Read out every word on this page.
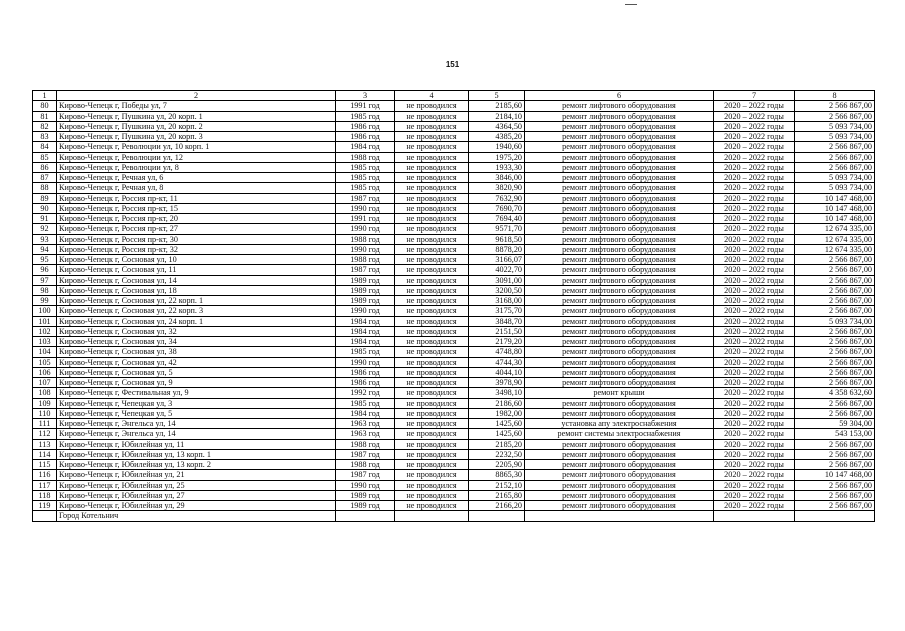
151
1	2	3	4	5	6	7	8
80	Кирово-Чепецк г, Победы ул, 7	1991 год	не проводился	2185,60	ремонт лифтового оборудования	2020 – 2022 годы	2 566 867,00
81	Кирово-Чепецк г, Пушкина ул, 20 корп. 1	1985 год	не проводился	2184,10	ремонт лифтового оборудования	2020 – 2022 годы	2 566 867,00
82	Кирово-Чепецк г, Пушкина ул, 20 корп. 2	1986 год	не проводился	4364,50	ремонт лифтового оборудования	2020 – 2022 годы	5 093 734,00
83	Кирово-Чепецк г, Пушкина ул, 20 корп. 3	1986 год	не проводился	4385,20	ремонт лифтового оборудования	2020 – 2022 годы	5 093 734,00
84	Кирово-Чепецк г, Революции ул, 10 корп. 1	1984 год	не проводился	1940,60	ремонт лифтового оборудования	2020 – 2022 годы	2 566 867,00
85	Кирово-Чепецк г, Революции ул, 12	1988 год	не проводился	1975,20	ремонт лифтового оборудования	2020 – 2022 годы	2 566 867,00
86	Кирово-Чепецк г, Революции ул, 8	1985 год	не проводился	1933,30	ремонт лифтового оборудования	2020 – 2022 годы	2 566 867,00
87	Кирово-Чепецк г, Речная ул, 6	1985 год	не проводился	3846,00	ремонт лифтового оборудования	2020 – 2022 годы	5 093 734,00
88	Кирово-Чепецк г, Речная ул, 8	1985 год	не проводился	3820,90	ремонт лифтового оборудования	2020 – 2022 годы	5 093 734,00
89	Кирово-Чепецк г, Россия пр-кт, 11	1987 год	не проводился	7632,90	ремонт лифтового оборудования	2020 – 2022 годы	10 147 468,00
90	Кирово-Чепецк г, Россия пр-кт, 15	1990 год	не проводился	7690,70	ремонт лифтового оборудования	2020 – 2022 годы	10 147 468,00
91	Кирово-Чепецк г, Россия пр-кт, 20	1991 год	не проводился	7694,40	ремонт лифтового оборудования	2020 – 2022 годы	10 147 468,00
92	Кирово-Чепецк г, Россия пр-кт, 27	1990 год	не проводился	9571,70	ремонт лифтового оборудования	2020 – 2022 годы	12 674 335,00
93	Кирово-Чепецк г, Россия пр-кт, 30	1988 год	не проводился	9618,50	ремонт лифтового оборудования	2020 – 2022 годы	12 674 335,00
94	Кирово-Чепецк г, Россия пр-кт, 32	1990 год	не проводился	8878,20	ремонт лифтового оборудования	2020 – 2022 годы	12 674 335,00
95	Кирово-Чепецк г, Сосновая ул, 10	1988 год	не проводился	3166,07	ремонт лифтового оборудования	2020 – 2022 годы	2 566 867,00
96	Кирово-Чепецк г, Сосновая ул, 11	1987 год	не проводился	4022,70	ремонт лифтового оборудования	2020 – 2022 годы	2 566 867,00
97	Кирово-Чепецк г, Сосновая ул, 14	1989 год	не проводился	3091,00	ремонт лифтового оборудования	2020 – 2022 годы	2 566 867,00
98	Кирово-Чепецк г, Сосновая ул, 18	1989 год	не проводился	3200,50	ремонт лифтового оборудования	2020 – 2022 годы	2 566 867,00
99	Кирово-Чепецк г, Сосновая ул, 22 корп. 1	1989 год	не проводился	3168,00	ремонт лифтового оборудования	2020 – 2022 годы	2 566 867,00
100	Кирово-Чепецк г, Сосновая ул, 22 корп. 3	1990 год	не проводился	3175,70	ремонт лифтового оборудования	2020 – 2022 годы	2 566 867,00
101	Кирово-Чепецк г, Сосновая ул, 24 корп. 1	1984 год	не проводился	3848,70	ремонт лифтового оборудования	2020 – 2022 годы	5 093 734,00
102	Кирово-Чепецк г, Сосновая ул, 32	1984 год	не проводился	2151,50	ремонт лифтового оборудования	2020 – 2022 годы	2 566 867,00
103	Кирово-Чепецк г, Сосновая ул, 34	1984 год	не проводился	2179,20	ремонт лифтового оборудования	2020 – 2022 годы	2 566 867,00
104	Кирово-Чепецк г, Сосновая ул, 38	1985 год	не проводился	4748,80	ремонт лифтового оборудования	2020 – 2022 годы	2 566 867,00
105	Кирово-Чепецк г, Сосновая ул, 42	1990 год	не проводился	4744,30	ремонт лифтового оборудования	2020 – 2022 годы	2 566 867,00
106	Кирово-Чепецк г, Сосновая ул, 5	1986 год	не проводился	4044,10	ремонт лифтового оборудования	2020 – 2022 годы	2 566 867,00
107	Кирово-Чепецк г, Сосновая ул, 9	1986 год	не проводился	3978,90	ремонт лифтового оборудования	2020 – 2022 годы	2 566 867,00
108	Кирово-Чепецк г, Фестивальная ул, 9	1992 год	не проводился	3498,10	ремонт крыши	2020 – 2022 годы	4 358 632,60
109	Кирово-Чепецк г, Чепецкая ул, 3	1985 год	не проводился	2186,60	ремонт лифтового оборудования	2020 – 2022 годы	2 566 867,00
110	Кирово-Чепецк г, Чепецкая ул, 5	1984 год	не проводился	1982,00	ремонт лифтового оборудования	2020 – 2022 годы	2 566 867,00
111	Кирово-Чепецк г, Энгельса ул, 14	1963 год	не проводился	1425,60	установка апу электроснабжения	2020 – 2022 годы	59 304,00
112	Кирово-Чепецк г, Энгельса ул, 14	1963 год	не проводился	1425,60	ремонт системы электроснабжения	2020 – 2022 годы	543 153,00
113	Кирово-Чепецк г, Юбилейная ул, 11	1988 год	не проводился	2185,20	ремонт лифтового оборудования	2020 – 2022 годы	2 566 867,00
114	Кирово-Чепецк г, Юбилейная ул, 13 корп. 1	1987 год	не проводился	2232,50	ремонт лифтового оборудования	2020 – 2022 годы	2 566 867,00
115	Кирово-Чепецк г, Юбилейная ул, 13 корп. 2	1988 год	не проводился	2205,90	ремонт лифтового оборудования	2020 – 2022 годы	2 566 867,00
116	Кирово-Чепецк г, Юбилейная ул, 21	1987 год	не проводился	8865,30	ремонт лифтового оборудования	2020 – 2022 годы	10 147 468,00
117	Кирово-Чепецк г, Юбилейная ул, 25	1990 год	не проводился	2152,10	ремонт лифтового оборудования	2020 – 2022 годы	2 566 867,00
118	Кирово-Чепецк г, Юбилейная ул, 27	1989 год	не проводился	2165,80	ремонт лифтового оборудования	2020 – 2022 годы	2 566 867,00
119	Кирово-Чепецк г, Юбилейная ул, 29	1989 год	не проводился	2166,20	ремонт лифтового оборудования	2020 – 2022 годы	2 566 867,00
	Город Котельнич						
